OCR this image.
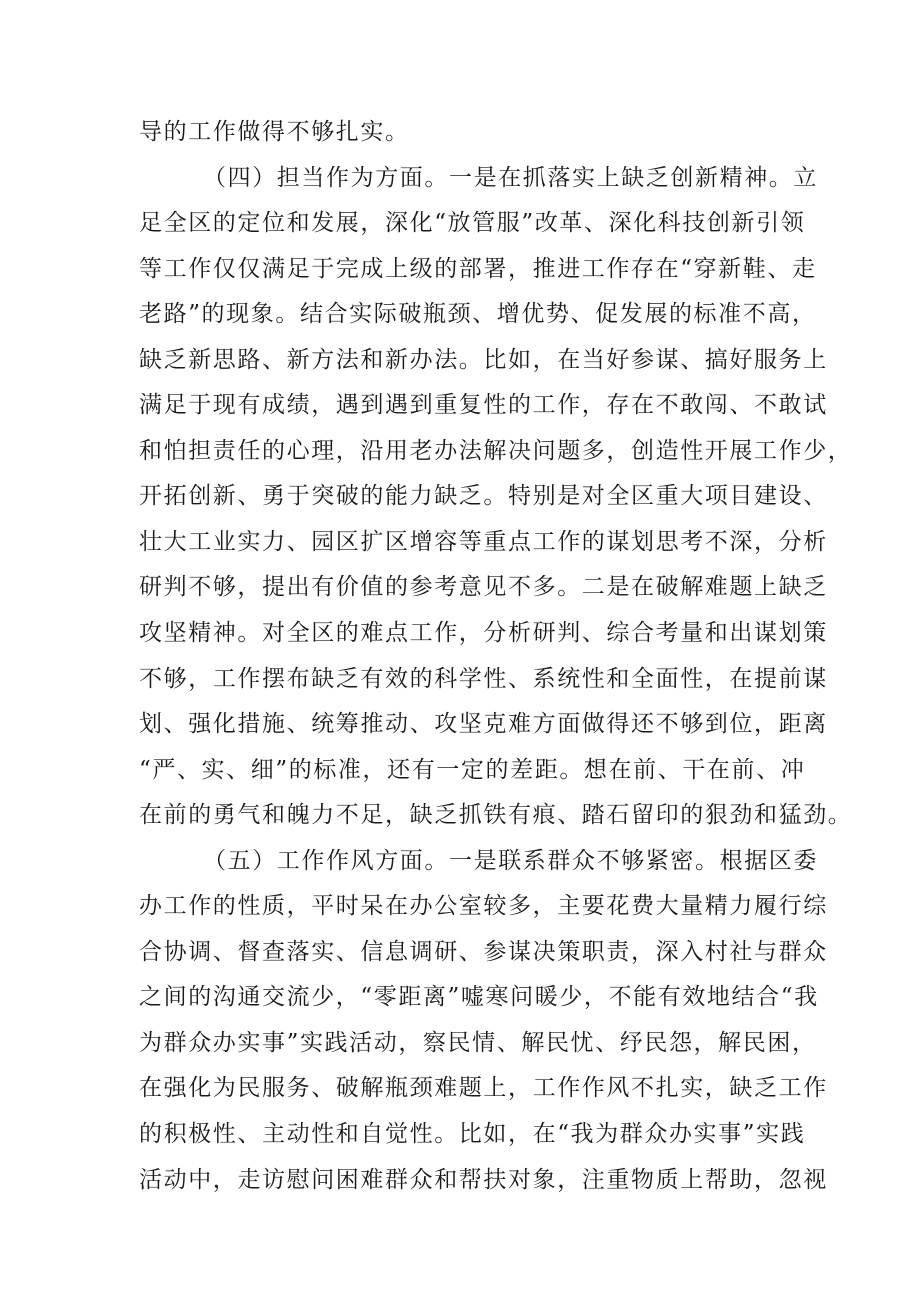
导的工作做得不够扎实。
（四）担当作为方面。一是在抓落实上缺乏创新精神。立
足全区的定位和发展，深化“放管服”改革、深化科技创新引领
等工作仅仅满足于完成上级的部署，推进工作存在“穿新鞋、走
老路”的现象。结合实际破瓶颈、增优势、促发展的标准不高，
缺乏新思路、新方法和新办法。比如，在当好参谋、搞好服务上
满足于现有成绩，遇到遇到重复性的工作，存在不敢闯、不敢试
和怕担责任的心理，沿用老办法解决问题多，创造性开展工作少，
开拓创新、勇于突破的能力缺乏。特别是对全区重大项目建设、
壮大工业实力、园区扩区增容等重点工作的谋划思考不深，分析
研判不够，提出有价值的参考意见不多。二是在破解难题上缺乏
攻坚精神。对全区的难点工作，分析研判、综合考量和出谋划策
不够，工作摆布缺乏有效的科学性、系统性和全面性，在提前谋
划、强化措施、统筹推动、攻坚克难方面做得还不够到位，距离
“严、实、细”的标准，还有一定的差距。想在前、干在前、冲
在前的勇气和魄力不足，缺乏抓铁有痕、踏石留印的狠劲和猛劲。
（五）工作作风方面。一是联系群众不够紧密。根据区委
办工作的性质，平时呆在办公室较多，主要花费大量精力履行综
合协调、督查落实、信息调研、参谋决策职责，深入村社与群众
之间的沟通交流少，“零距离”嘘寒问暖少，不能有效地结合“我
为群众办实事”实践活动，察民情、解民忧、纾民怨，解民困，
在强化为民服务、破解瓶颈难题上，工作作风不扎实，缺乏工作
的积极性、主动性和自觉性。比如，在“我为群众办实事”实践
活动中，走访慰问困难群众和帮扶对象，注重物质上帮助，忽视
